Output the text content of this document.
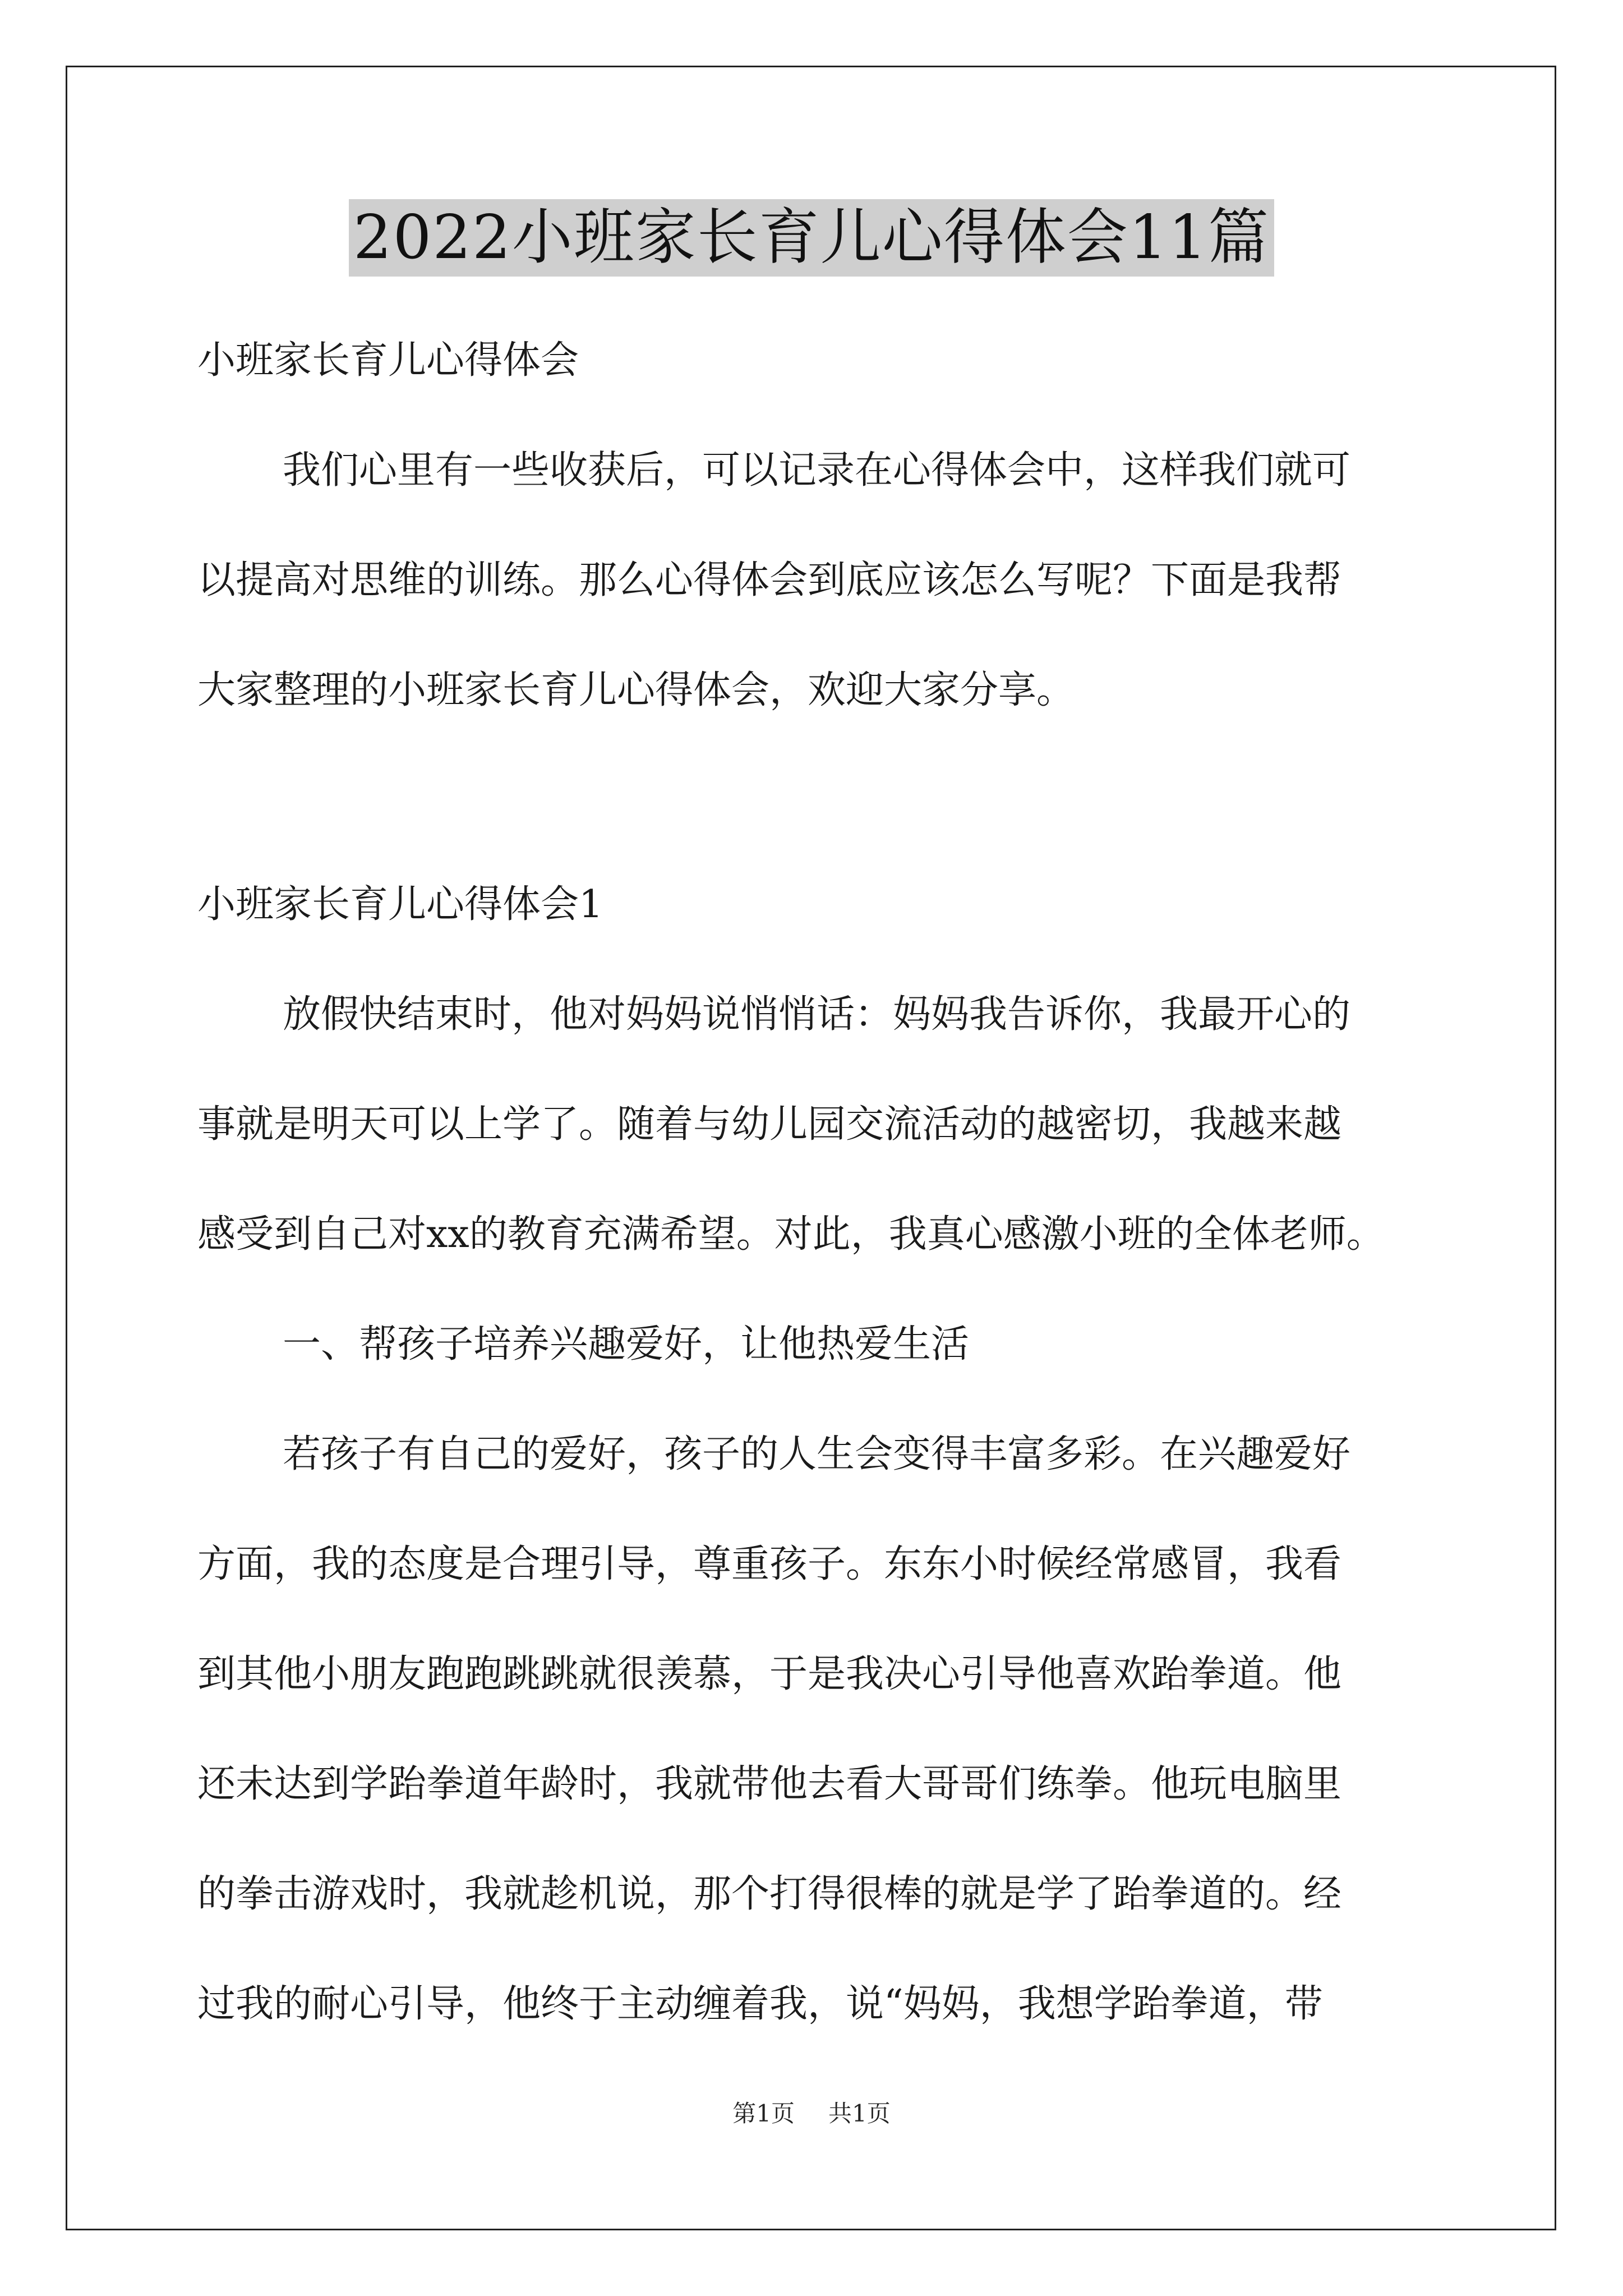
2022小班家长育儿心得体会11篇
小班家长育儿心得体会
我们心里有一些收获后，可以记录在心得体会中，这样我们就可
以提高对思维的训练。那么心得体会到底应该怎么写呢？下面是我帮
大家整理的小班家长育儿心得体会，欢迎大家分享。
小班家长育儿心得体会1
放假快结束时，他对妈妈说悄悄话：妈妈我告诉你，我最开心的
事就是明天可以上学了。随着与幼儿园交流活动的越密切，我越来越
感受到自己对xx的教育充满希望。对此，我真心感激小班的全体老师。
一、帮孩子培养兴趣爱好，让他热爱生活
若孩子有自己的爱好，孩子的人生会变得丰富多彩。在兴趣爱好
方面，我的态度是合理引导，尊重孩子。东东小时候经常感冒，我看
到其他小朋友跑跑跳跳就很羡慕，于是我决心引导他喜欢跆拳道。他
还未达到学跆拳道年龄时，我就带他去看大哥哥们练拳。他玩电脑里
的拳击游戏时，我就趁机说，那个打得很棒的就是学了跆拳道的。经
过我的耐心引导，他终于主动缠着我，说“妈妈，我想学跆拳道，带
第1页 共1页
